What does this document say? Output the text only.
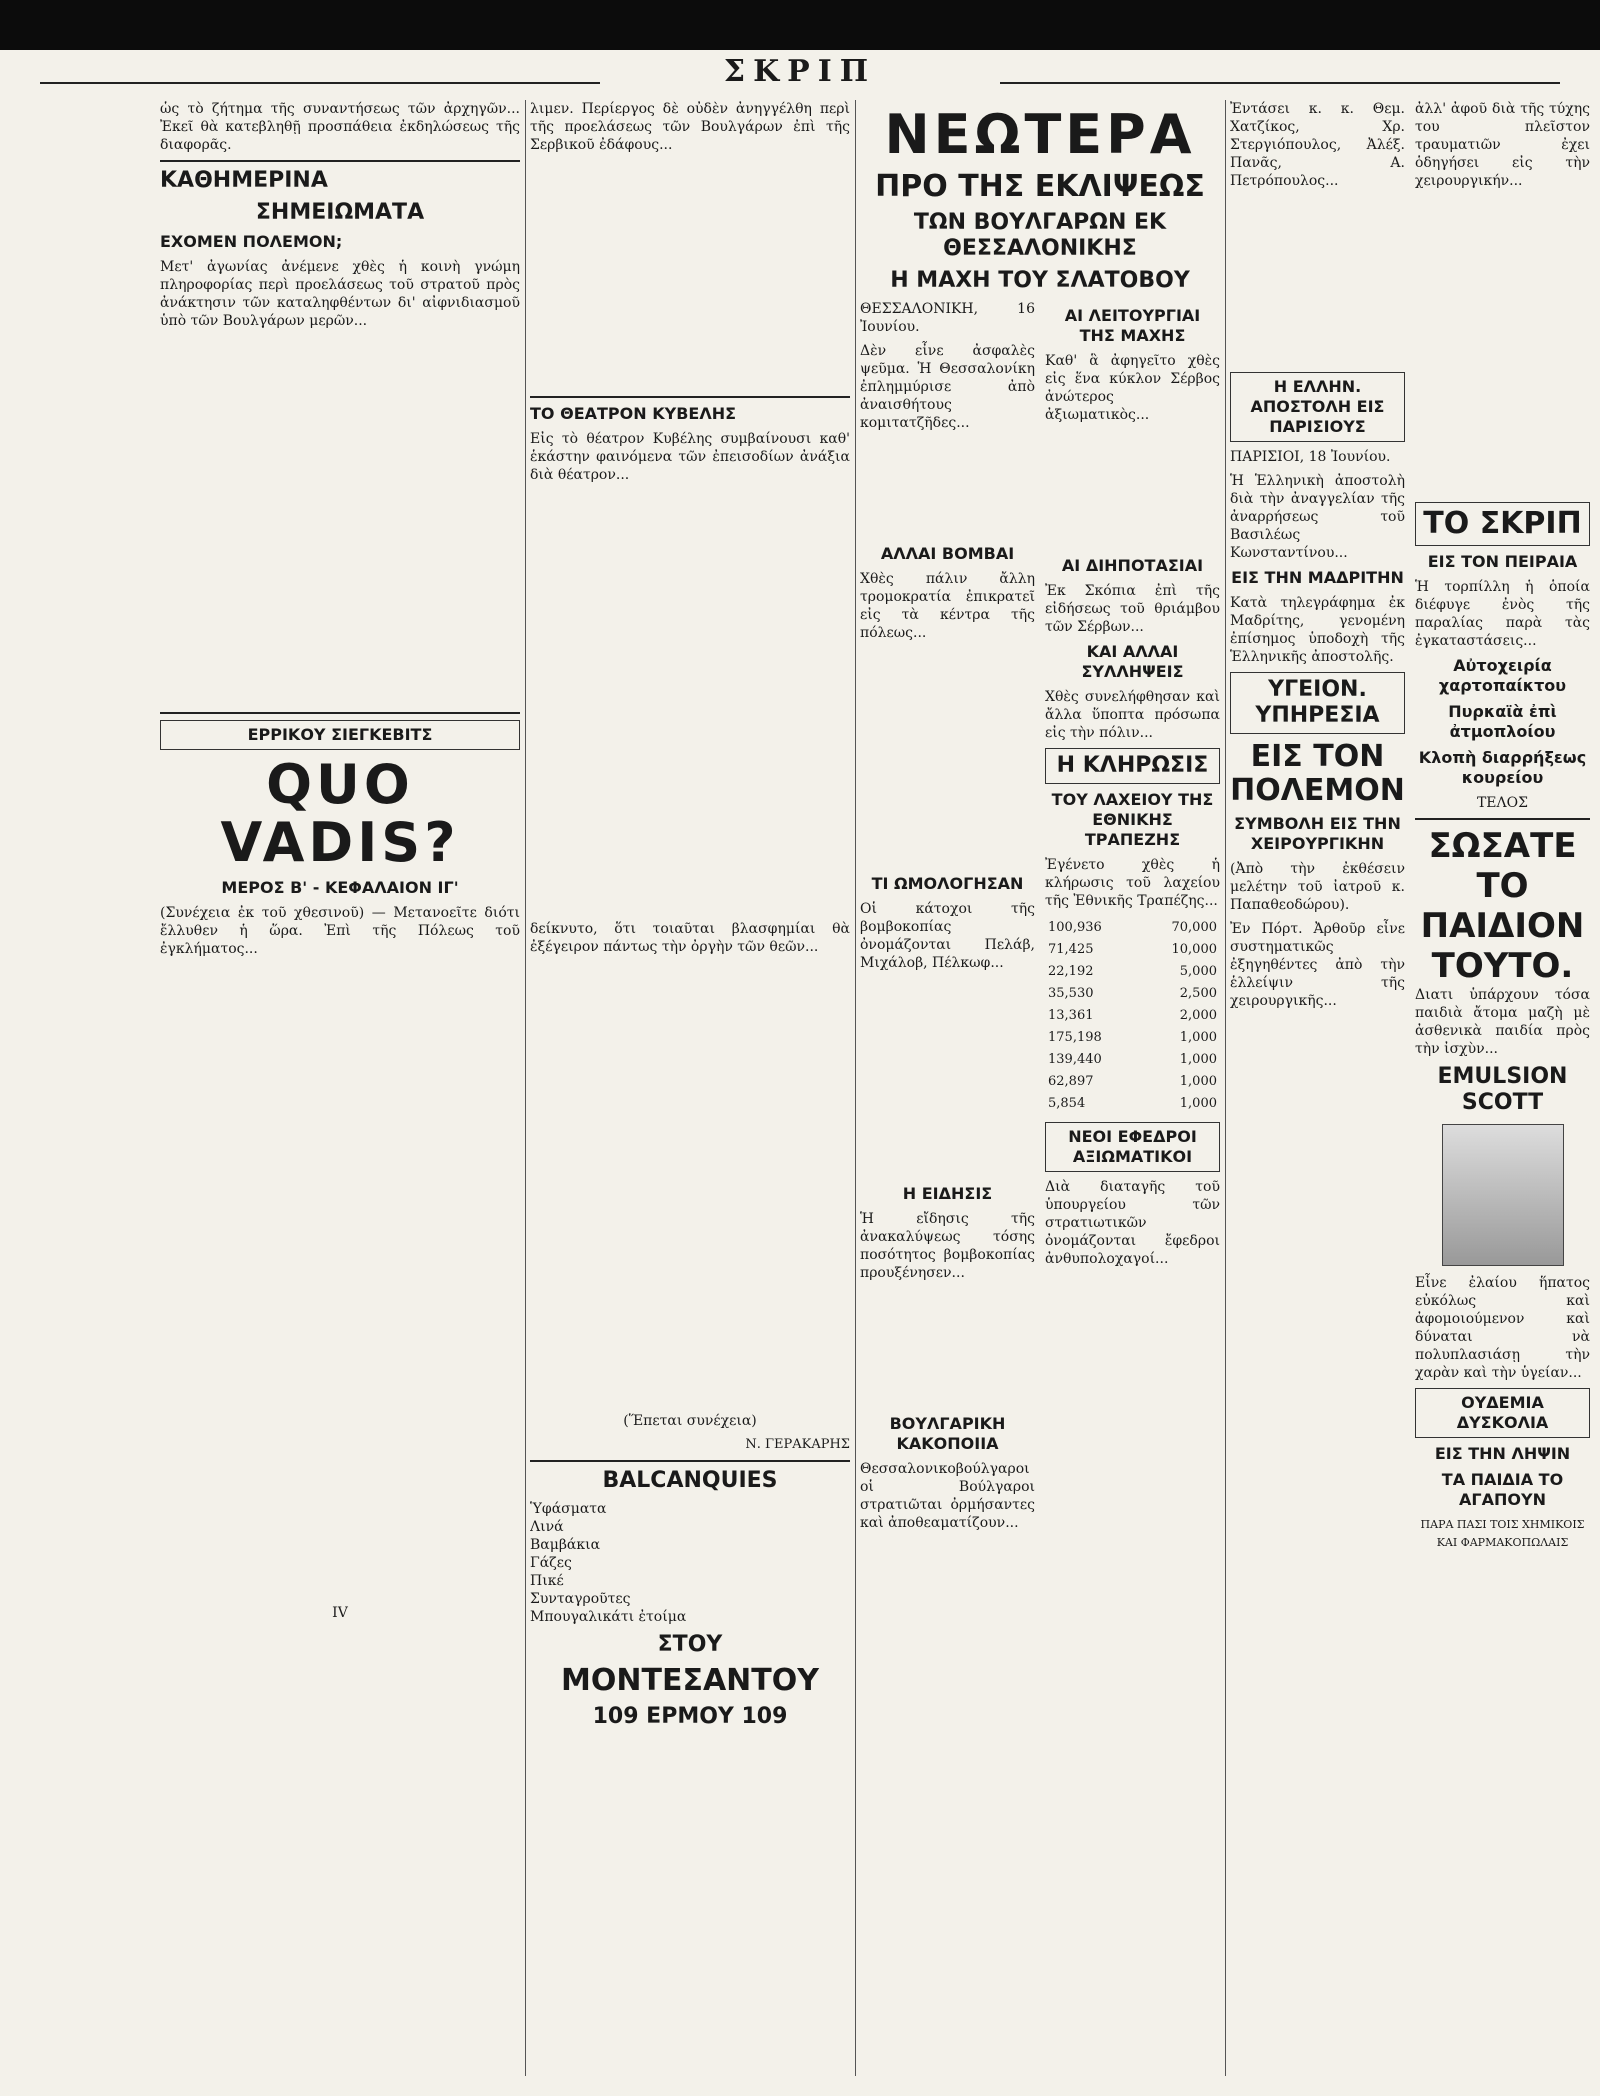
ΣΚΡΙΠ

ὡς τὸ ζήτημα τῆς συναντήσεως τῶν ἀρχηγῶν... Ἐκεῖ θὰ κατεβληθῇ προσπάθεια ἐκδηλώσεως τῆς διαφορᾶς.

ΚΑΘΗΜΕΡΙΝΑ
ΣΗΜΕΙΩΜΑΤΑ
ΕΧΟΜΕΝ ΠΟΛΕΜΟΝ;

Μετ' ἀγωνίας ἀνέμενε χθὲς ἡ κοινὴ γνώμη πληροφορίας περὶ προελάσεως τοῦ στρατοῦ πρὸς ἀνάκτησιν τῶν καταληφθέντων δι' αἰφνιδιασμοῦ ὑπὸ τῶν Βουλγάρων μερῶν...

ΕΡΡΙΚΟΥ ΣΙΕΓΚΕΒΙΤΣ
QUO VADIS?
ΜΕΡΟΣ Β' - ΚΕΦΑΛΑΙΟΝ ΙΓ'

(Συνέχεια ἐκ τοῦ χθεσινοῦ) — Μετανοεῖτε διότι ἔλλυθεν ἡ ὥρα. Ἐπὶ τῆς Πόλεως τοῦ ἐγκλήματος...

IV

λιμεν. Περίεργος δὲ οὐδὲν ἀνηγγέλθη περὶ τῆς προελάσεως τῶν Βουλγάρων ἐπὶ τῆς Σερβικοῦ ἐδάφους...

ΤΟ ΘΕΑΤΡΟΝ ΚΥΒΕΛΗΣ

Εἰς τὸ θέατρον Κυβέλης συμβαίνουσι καθ' ἑκάστην φαινόμενα τῶν ἐπεισοδίων ἀνάξια διὰ θέατρον...

δείκνυτο, ὅτι τοιαῦται βλασφημίαι θὰ ἐξέγειρον πάντως τὴν ὀργὴν τῶν θεῶν...

(Ἕπεται συνέχεια)
Ν. ΓΕΡΑΚΑΡΗΣ
BALCANQUIES
Ὑφάσματα
Λινά
Βαμβάκια
Γάζες
Πικέ
Συνταγροῦτες
Μπουγαλικάτι ἐτοίμα
ΣΤΟΥ
ΜΟΝΤΕΣΑΝΤΟΥ
109 ΕΡΜΟΥ 109
ΝΕΩΤΕΡΑ
ΠΡΟ ΤΗΣ ΕΚΛΙΨΕΩΣ
ΤΩΝ ΒΟΥΛΓΑΡΩΝ ΕΚ ΘΕΣΣΑΛΟΝΙΚΗΣ
Η ΜΑΧΗ ΤΟΥ ΣΛΑΤΟΒΟΥ

ΘΕΣΣΑΛΟΝΙΚΗ, 16 Ἰουνίου.

Δὲν εἶνε ἀσφαλὲς ψεῦμα. Ἡ Θεσσαλονίκη ἐπλημμύρισε ἀπὸ ἀναισθήτους κομιτατζῆδες...

ΑΛΛΑΙ ΒΟΜΒΑΙ

Χθὲς πάλιν ἄλλη τρομοκρατία ἐπικρατεῖ εἰς τὰ κέντρα τῆς πόλεως...

ΤΙ ΩΜΟΛΟΓΗΣΑΝ

Οἱ κάτοχοι τῆς βομβοκοπίας ὀνομάζονται Πελάβ, Μιχάλοβ, Πέλκωφ...

Η ΕΙΔΗΣΙΣ

Ἡ εἴδησις τῆς ἀνακαλύψεως τόσης ποσότητος βομβοκοπίας προυξένησεν...

ΒΟΥΛΓΑΡΙΚΗ ΚΑΚΟΠΟΙΙΑ

Θεσσαλονικοβούλγαροι οἱ Βούλγαροι στρατιῶται ὀρμήσαντες καὶ ἀποθεαματίζουν...

ΑΙ ΛΕΙΤΟΥΡΓΙΑΙ ΤΗΣ ΜΑΧΗΣ

Καθ' ἃ ἀφηγεῖτο χθὲς εἰς ἕνα κύκλον Σέρβος ἀνώτερος ἀξιωματικὸς...

ΑΙ ΔΙΗΠΟΤΑΣΙΑΙ

Ἐκ Σκόπια ἐπὶ τῆς εἰδήσεως τοῦ θριάμβου τῶν Σέρβων...

ΚΑΙ ΑΛΛΑΙ ΣΥΛΛΗΨΕΙΣ

Χθὲς συνελήφθησαν καὶ ἄλλα ὕποπτα πρόσωπα εἰς τὴν πόλιν...

Η ΚΛΗΡΩΣΙΣ
ΤΟΥ ΛΑΧΕΙΟΥ ΤΗΣ ΕΘΝΙΚΗΣ ΤΡΑΠΕΖΗΣ

Ἐγένετο χθὲς ἡ κλήρωσις τοῦ λαχείου τῆς Ἐθνικῆς Τραπέζης...

100,936	70,000
71,425	10,000
22,192	5,000
35,530	2,500
13,361	2,000
175,198	1,000
139,440	1,000
62,897	1,000
5,854	1,000
ΝΕΟΙ ΕΦΕΔΡΟΙ ΑΞΙΩΜΑΤΙΚΟΙ

Διὰ διαταγῆς τοῦ ὑπουργείου τῶν στρατιωτικῶν ὀνομάζονται ἔφεδροι ἀνθυπολοχαγοί...

Ἐντάσει κ. κ. Θεμ. Χατζίκος, Χρ. Στεργιόπουλος, Ἀλέξ. Πανᾶς, Α. Πετρόπουλος...

Η ΕΛΛΗΝ. ΑΠΟΣΤΟΛΗ ΕΙΣ ΠΑΡΙΣΙΟΥΣ

ΠΑΡΙΣΙΟΙ, 18 Ἰουνίου.

Ἡ Ἑλληνικὴ ἀποστολὴ διὰ τὴν ἀναγγελίαν τῆς ἀναρρήσεως τοῦ Βασιλέως Κωνσταντίνου...

ΕΙΣ ΤΗΝ ΜΑΔΡΙΤΗΝ

Κατὰ τηλεγράφημα ἐκ Μαδρίτης, γενομένη ἐπίσημος ὑποδοχὴ τῆς Ἑλληνικῆς ἀποστολῆς.

ΥΓΕΙΟΝ. ΥΠΗΡΕΣΙΑ
ΕΙΣ ΤΟΝ ΠΟΛΕΜΟΝ
ΣΥΜΒΟΛΗ ΕΙΣ ΤΗΝ ΧΕΙΡΟΥΡΓΙΚΗΝ

(Ἀπὸ τὴν ἐκθέσειν μελέτην τοῦ ἰατροῦ κ. Παπαθεοδώρου).

Ἐν Πόρτ. Ἀρθοῦρ εἶνε συστηματικῶς ἐξηγηθέντες ἀπὸ τὴν ἑλλείψιν τῆς χειρουργικῆς...

ἀλλ' ἀφοῦ διὰ τῆς τύχης του πλεῖστον τραυματιῶν ἐχει ὁδηγήσει εἰς τὴν χειρουργικήν...

ΤΟ ΣΚΡΙΠ
ΕΙΣ ΤΟΝ ΠΕΙΡΑΙΑ

Ἡ τορπίλλη ἡ ὁποία διέφυγε ἐνὸς τῆς παραλίας παρὰ τὰς ἐγκαταστάσεις...

Αὐτοχειρία χαρτοπαίκτου
Πυρκαϊὰ ἐπὶ ἀτμοπλοίου
Κλοπὴ διαρρήξεως κουρείου
ΤΕΛΟΣ
ΣΩΣΑΤΕ
ΤΟ ΠΑΙΔΙΟΝ
ΤΟΥΤΟ.

Διατι ὑπάρχουν τόσα παιδιὰ ἄτομα μαζὴ μὲ ἀσθενικὰ παιδία πρὸς τὴν ἰσχὺν...

EMULSION SCOTT

Εἶνε ἐλαίου ἥπατος εὐκόλως καὶ ἀφομοιούμενον καὶ δύναται νὰ πολυπλασιάσῃ τὴν χαρὰν καὶ τὴν ὑγείαν...

ΟΥΔΕΜΙΑ ΔΥΣΚΟΛΙΑ
ΕΙΣ ΤΗΝ ΛΗΨΙΝ
ΤΑ ΠΑΙΔΙΑ ΤΟ ΑΓΑΠΟΥΝ
ΠΑΡΑ ΠΑΣΙ ΤΟΙΣ ΧΗΜΙΚΟΙΣ ΚΑΙ ΦΑΡΜΑΚΟΠΩΛΑΙΣ
